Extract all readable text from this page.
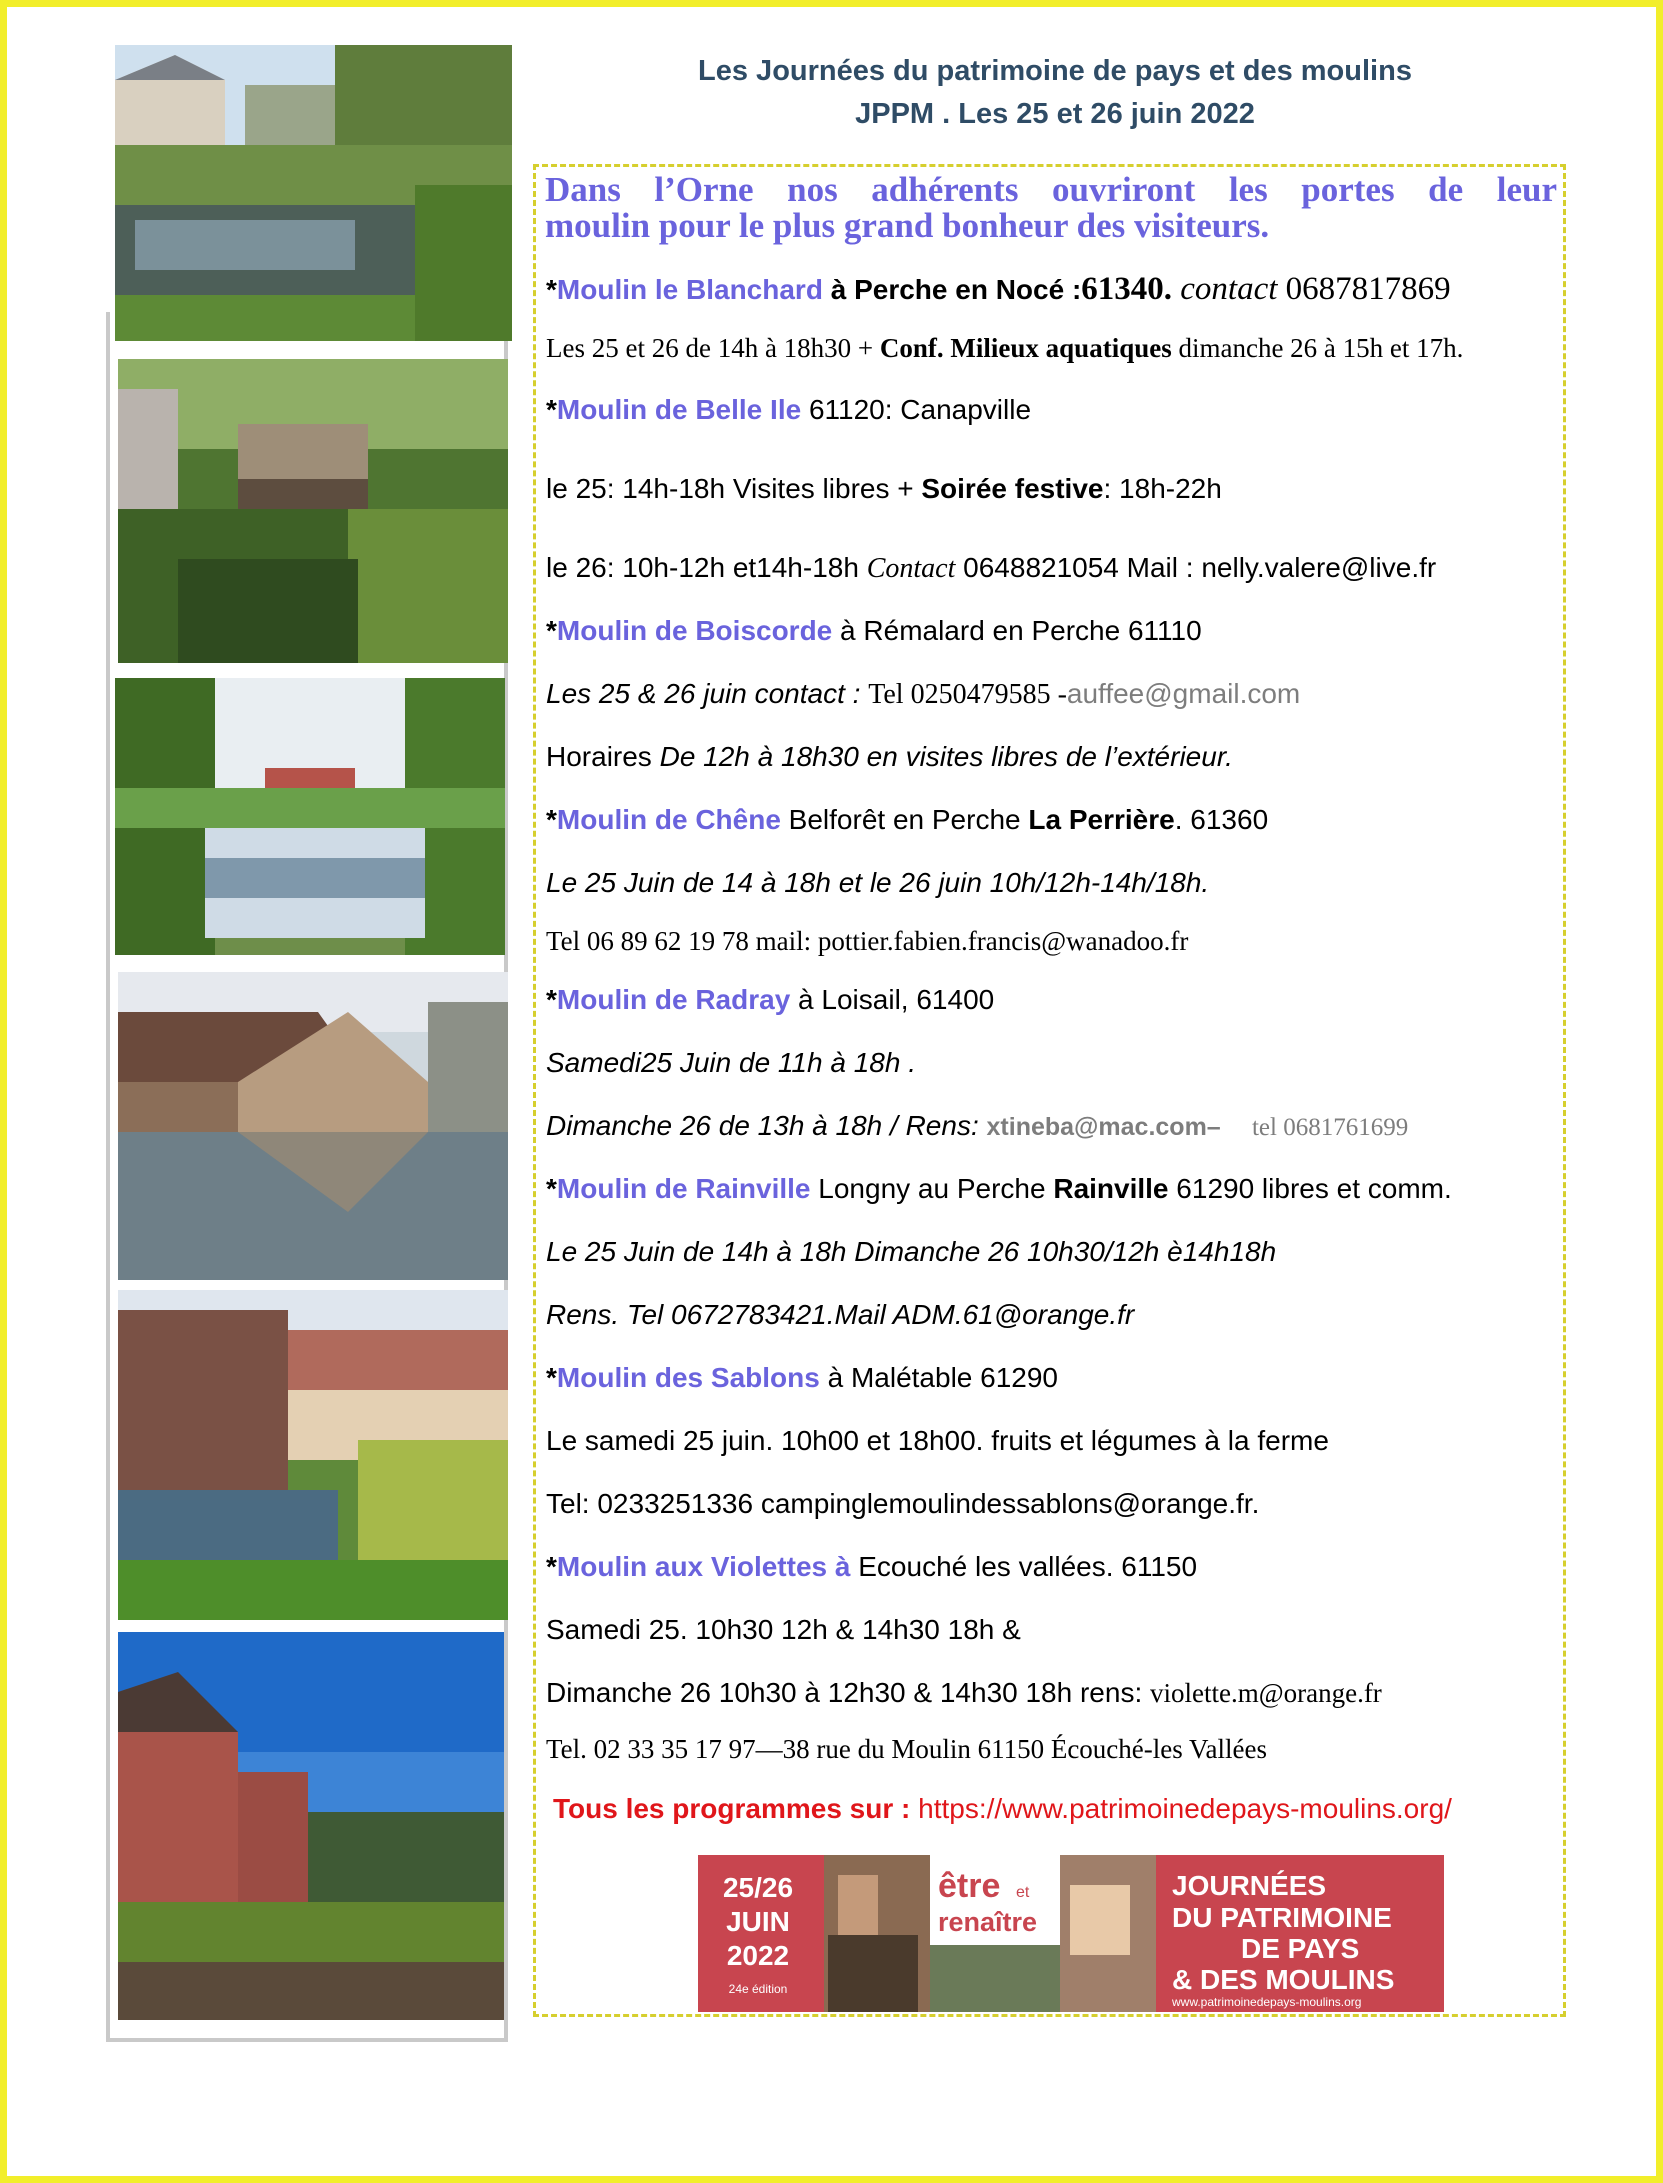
Les Journées du patrimoine de pays et des moulins
JPPM . Les 25 et 26 juin 2022
Dans l’Orne nos adhérents ouvriront les portes de leur
moulin pour le plus grand bonheur des visiteurs.
*Moulin le Blanchard à Perche en Nocé :61340. contact 0687817869
Les 25 et 26 de 14h à 18h30 + Conf. Milieux aquatiques dimanche 26 à 15h et 17h.
*Moulin de Belle Ile 61120: Canapville
le 25: 14h-18h Visites libres + Soirée festive: 18h-22h
le 26: 10h-12h et14h-18h Contact 0648821054 Mail : nelly.valere@live.fr
*Moulin de Boiscorde à Rémalard en Perche 61110
Les 25 & 26 juin contact : Tel 0250479585 -auffee@gmail.com
Horaires De 12h à 18h30 en visites libres de l’extérieur.
*Moulin de Chêne Belforêt en Perche La Perrière. 61360
Le 25 Juin de 14 à 18h et le 26 juin 10h/12h-14h/18h.
Tel 06 89 62 19 78 mail: pottier.fabien.francis@wanadoo.fr
*Moulin de Radray à Loisail, 61400
Samedi25 Juin de 11h à 18h .
Dimanche 26 de 13h à 18h / Rens: xtineba@mac.com–     tel 0681761699
*Moulin de Rainville Longny au Perche Rainville 61290 libres et comm.
Le 25 Juin de 14h à 18h Dimanche 26 10h30/12h è14h18h
Rens. Tel 0672783421.Mail ADM.61@orange.fr
*Moulin des Sablons à Malétable 61290
Le samedi 25 juin. 10h00 et 18h00. fruits et légumes à la ferme
Tel: 0233251336 campinglemoulindessablons@orange.fr.
*Moulin aux Violettes à Ecouché les vallées. 61150
Samedi 25. 10h30 12h & 14h30 18h &
Dimanche 26 10h30 à 12h30 & 14h30 18h rens: violette.m@orange.fr
Tel. 02 33 35 17 97—38 rue du Moulin 61150 Écouché-les Vallées
Tous les programmes sur : https://www.patrimoinedepays-moulins.org/
25/26
JUIN
2022
24e édition
être et
renaître
JOURNÉES
DU PATRIMOINE
DE PAYS
& DES MOULINS
www.patrimoinedepays-moulins.org
